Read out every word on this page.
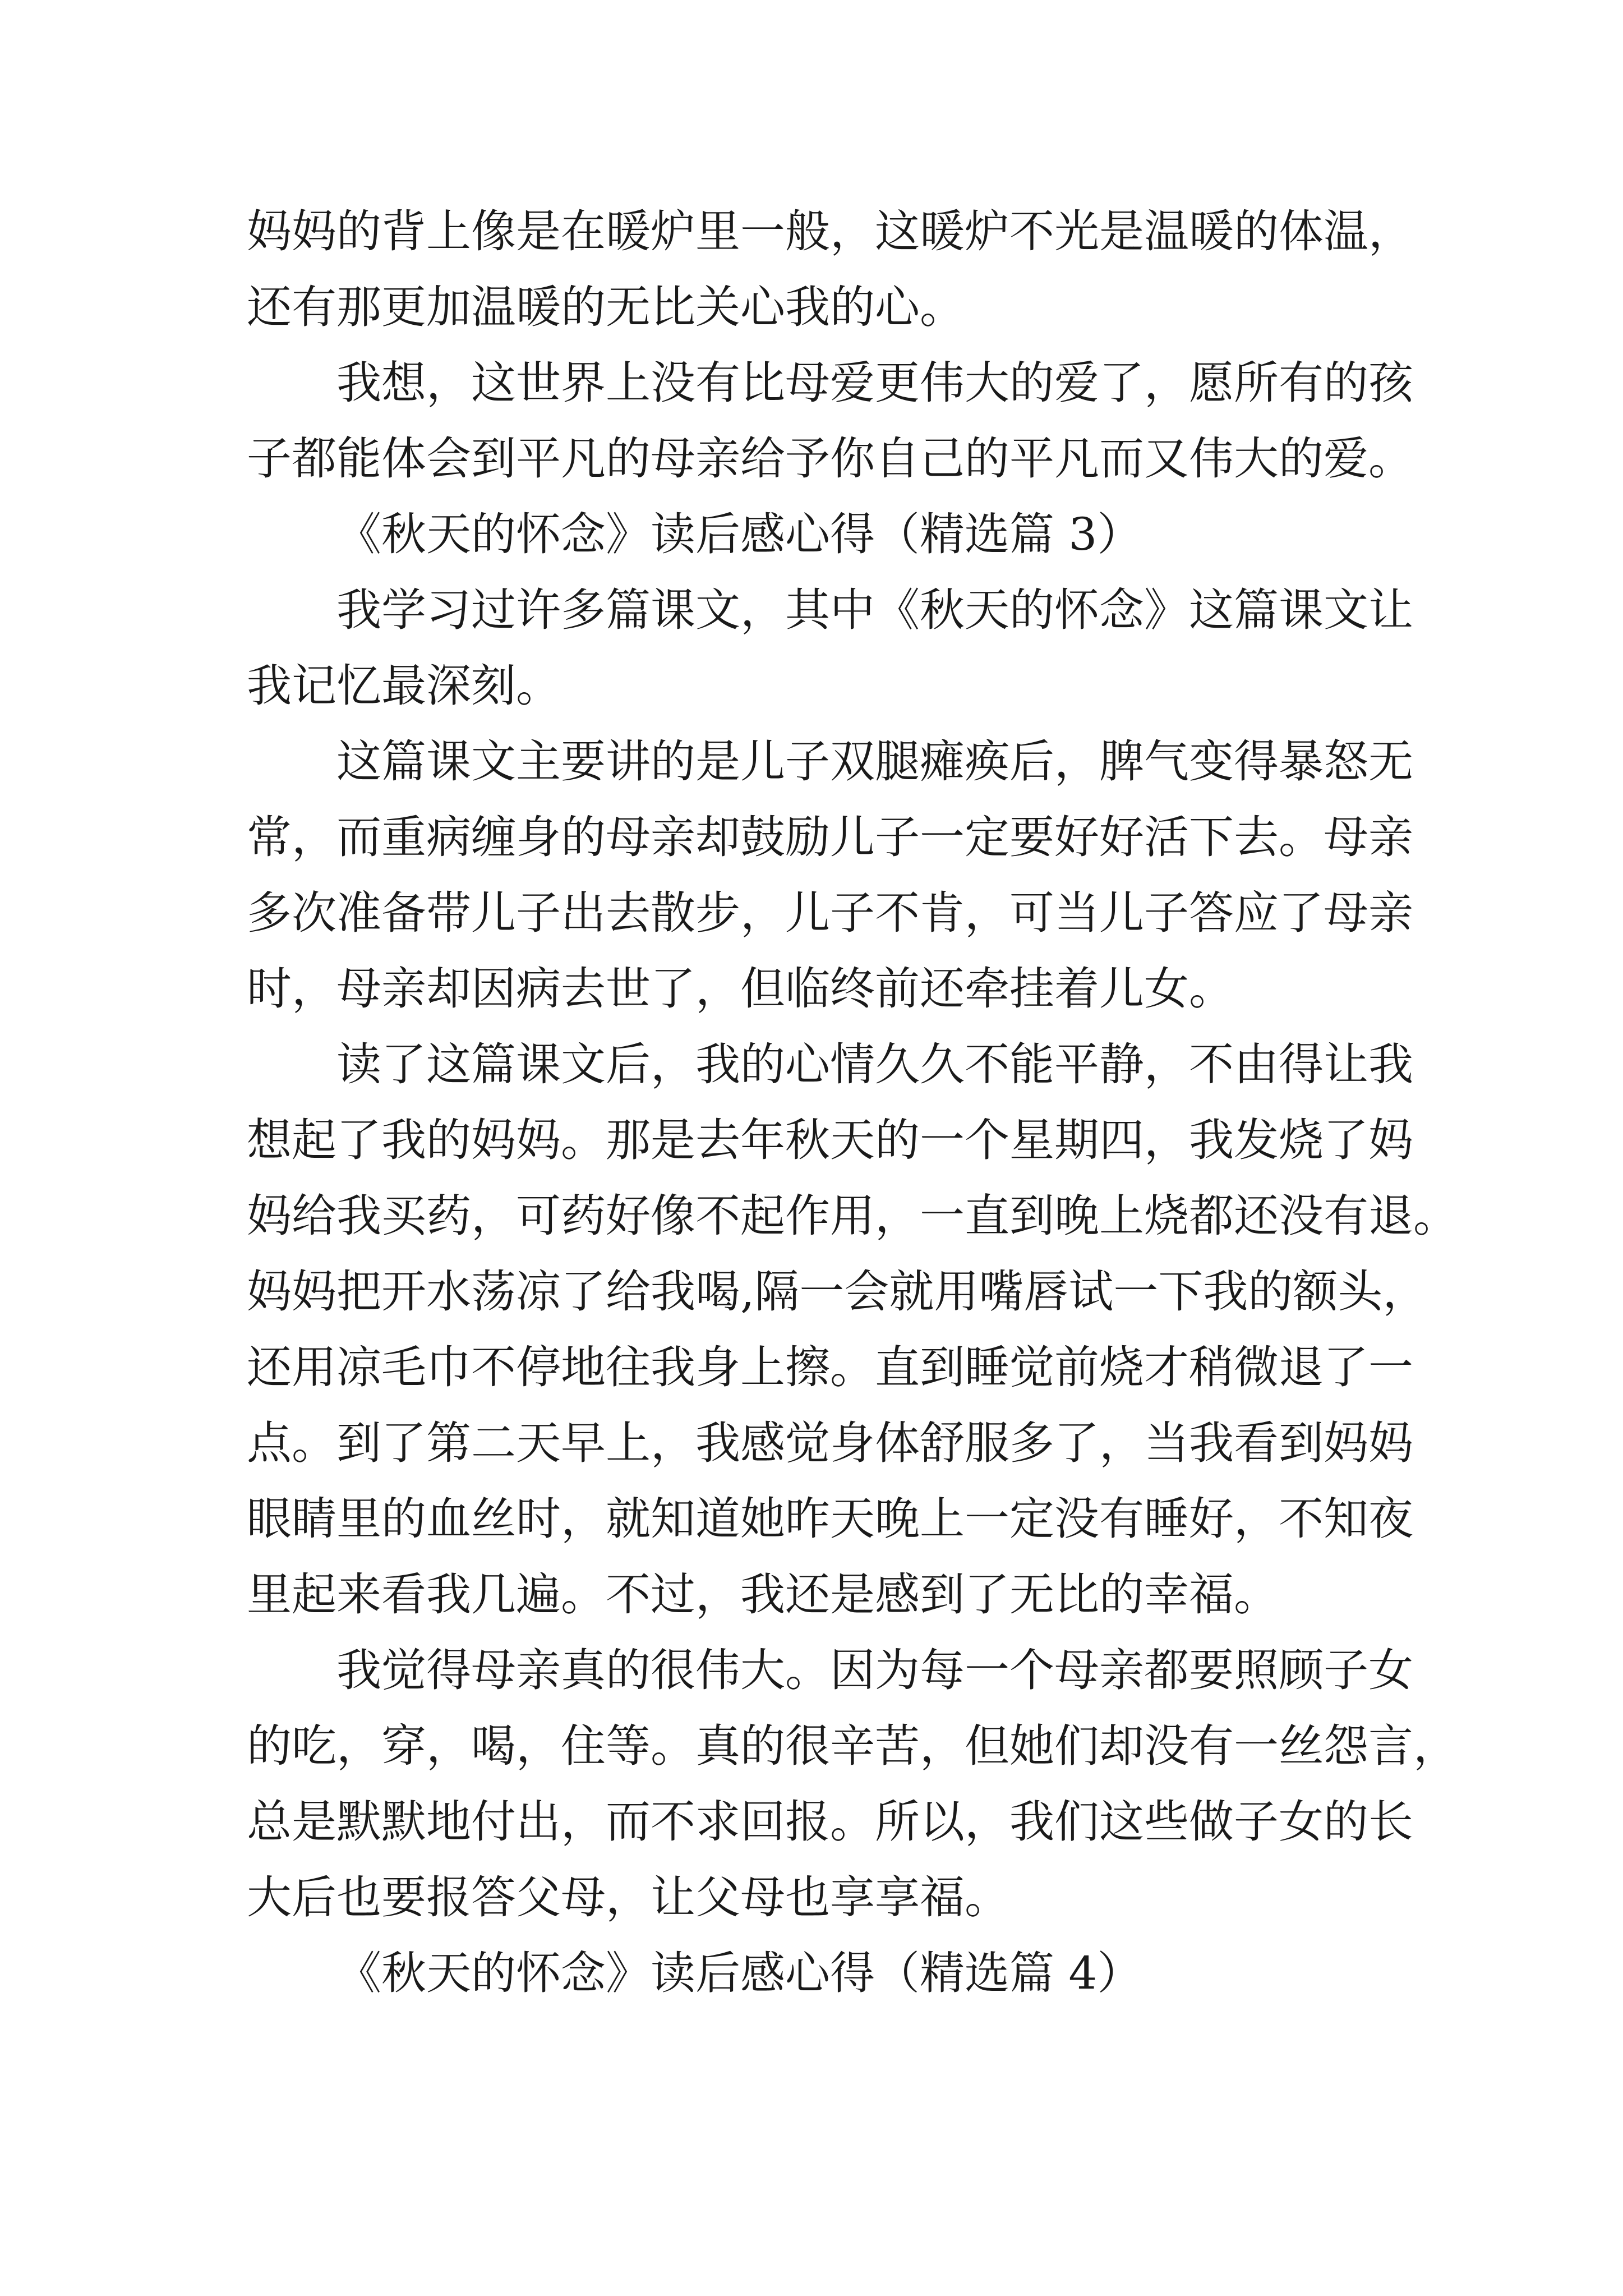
妈妈的背上像是在暖炉里一般，这暖炉不光是温暖的体温，
还有那更加温暖的无比关心我的心。
我想，这世界上没有比母爱更伟大的爱了，愿所有的孩
子都能体会到平凡的母亲给予你自己的平凡而又伟大的爱。
《秋天的怀念》读后感心得（精选篇 3）
我学习过许多篇课文，其中《秋天的怀念》这篇课文让
我记忆最深刻。
这篇课文主要讲的是儿子双腿瘫痪后，脾气变得暴怒无
常，而重病缠身的母亲却鼓励儿子一定要好好活下去。母亲
多次准备带儿子出去散步，儿子不肯，可当儿子答应了母亲
时，母亲却因病去世了，但临终前还牵挂着儿女。
读了这篇课文后，我的心情久久不能平静，不由得让我
想起了我的妈妈。那是去年秋天的一个星期四，我发烧了妈
妈给我买药，可药好像不起作用，一直到晚上烧都还没有退。
妈妈把开水荡凉了给我喝,隔一会就用嘴唇试一下我的额头，
还用凉毛巾不停地往我身上擦。直到睡觉前烧才稍微退了一
点。到了第二天早上，我感觉身体舒服多了，当我看到妈妈
眼睛里的血丝时，就知道她昨天晚上一定没有睡好，不知夜
里起来看我几遍。不过，我还是感到了无比的幸福。
我觉得母亲真的很伟大。因为每一个母亲都要照顾子女
的吃，穿，喝，住等。真的很辛苦，但她们却没有一丝怨言，
总是默默地付出，而不求回报。所以，我们这些做子女的长
大后也要报答父母，让父母也享享福。
《秋天的怀念》读后感心得（精选篇 4）
